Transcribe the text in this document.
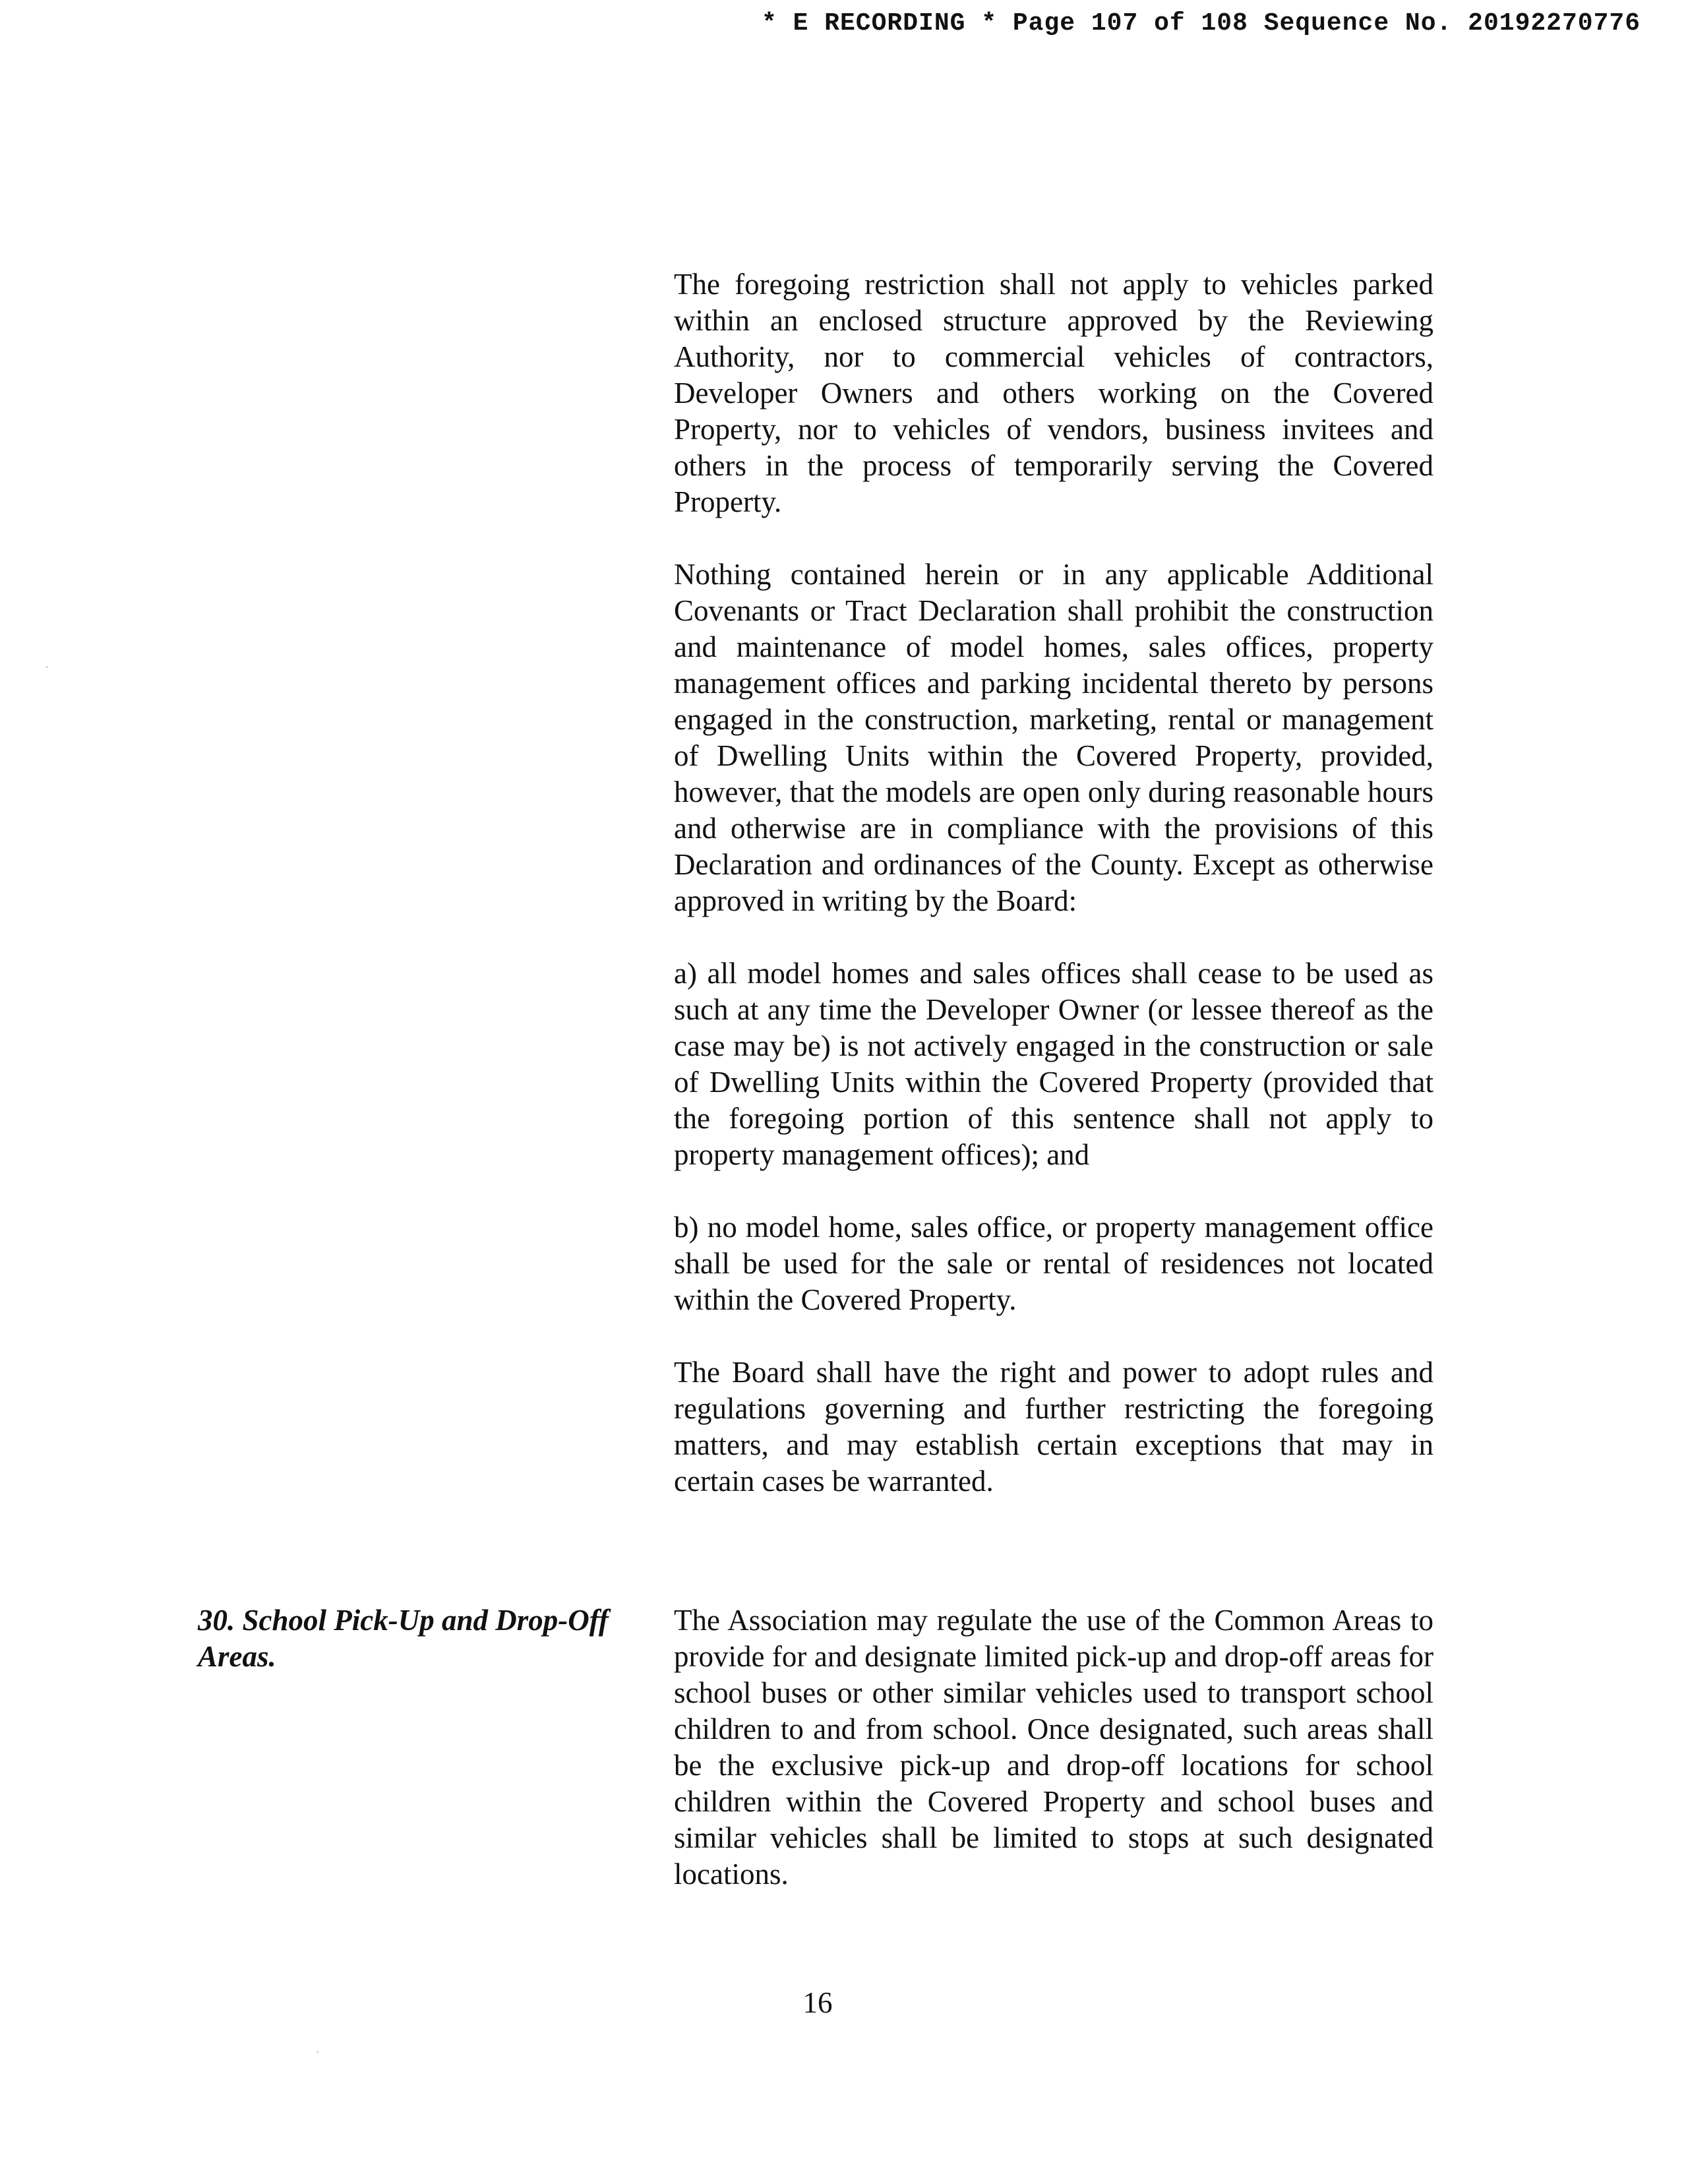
* E RECORDING * Page 107 of 108 Sequence No. 20192270776

The foregoing restriction shall not apply to vehicles parked within an enclosed structure approved by the Reviewing Authority, nor to commercial vehicles of contractors, Developer Owners and others working on the Covered Property, nor to vehicles of vendors, business invitees and others in the process of temporarily serving the Covered Property.

Nothing contained herein or in any applicable Additional Covenants or Tract Declaration shall prohibit the construction and maintenance of model homes, sales offices, property management offices and parking incidental thereto by persons engaged in the construction, marketing, rental or management of Dwelling Units within the Covered Property, provided, however, that the models are open only during reasonable hours and otherwise are in compliance with the provisions of this Declaration and ordinances of the County. Except as otherwise approved in writing by the Board:

a) all model homes and sales offices shall cease to be used as such at any time the Developer Owner (or lessee thereof as the case may be) is not actively engaged in the construction or sale of Dwelling Units within the Covered Property (provided that the foregoing portion of this sentence shall not apply to property management offices); and

b) no model home, sales office, or property management office shall be used for the sale or rental of residences not located within the Covered Property.

The Board shall have the right and power to adopt rules and regulations governing and further restricting the foregoing matters, and may establish certain exceptions that may in certain cases be warranted.

30. School Pick-Up and Drop-Off Areas.

The Association may regulate the use of the Common Areas to provide for and designate limited pick-up and drop-off areas for school buses or other similar vehicles used to transport school children to and from school. Once designated, such areas shall be the exclusive pick-up and drop-off locations for school children within the Covered Property and school buses and similar vehicles shall be limited to stops at such designated locations.

16
